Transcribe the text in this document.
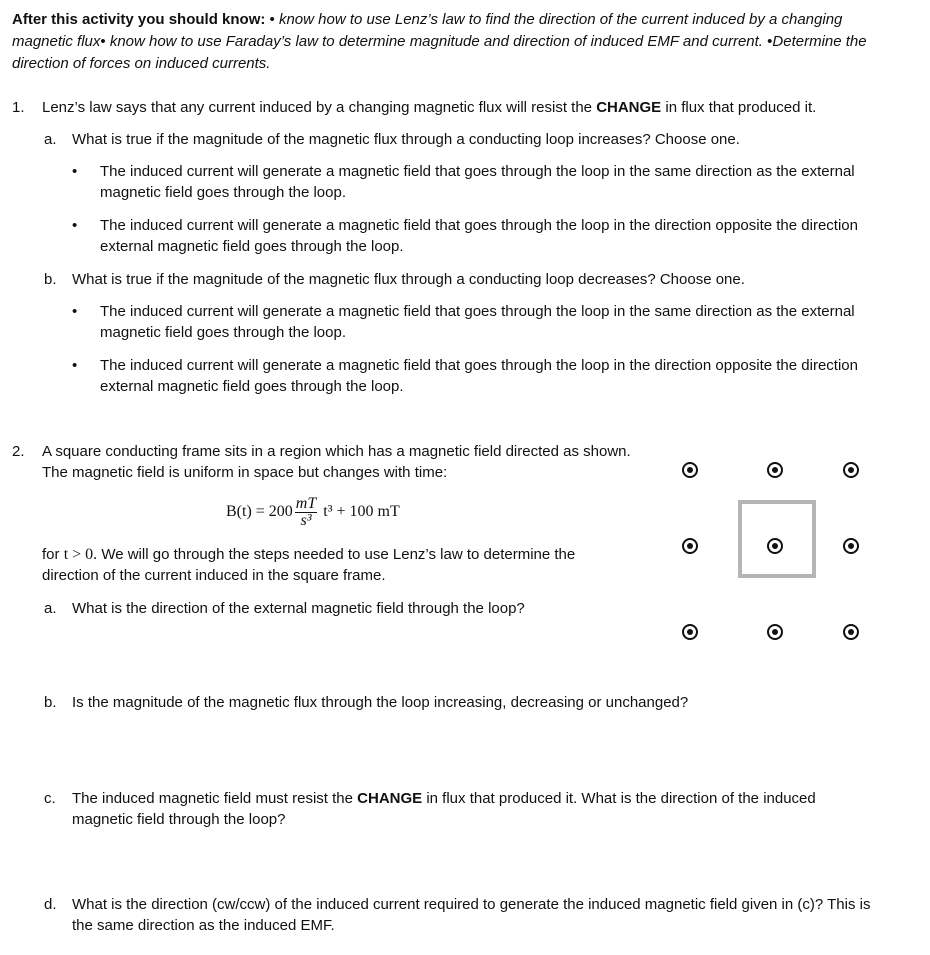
After this activity you should know: • know how to use Lenz’s law to find the direction of the current induced by a changing magnetic flux• know how to use Faraday’s law to determine magnitude and direction of induced EMF and current. •Determine the direction of forces on induced currents.
1. Lenz’s law says that any current induced by a changing magnetic flux will resist the CHANGE in flux that produced it.
a. What is true if the magnitude of the magnetic flux through a conducting loop increases? Choose one.
• The induced current will generate a magnetic field that goes through the loop in the same direction as the external magnetic field goes through the loop.
• The induced current will generate a magnetic field that goes through the loop in the direction opposite the direction external magnetic field goes through the loop.
b. What is true if the magnitude of the magnetic flux through a conducting loop decreases? Choose one.
• The induced current will generate a magnetic field that goes through the loop in the same direction as the external magnetic field goes through the loop.
• The induced current will generate a magnetic field that goes through the loop in the direction opposite the direction external magnetic field goes through the loop.
2. A square conducting frame sits in a region which has a magnetic field directed as shown. The magnetic field is uniform in space but changes with time:
$B(t) = 200 \frac{mT}{\text{s³}} t^3 + 100$ mT
for t > 0. We will go through the steps needed to use Lenz’s law to determine the direction of the current induced in the square frame.
a. What is the direction of the external magnetic field through the loop?
b. Is the magnitude of the magnetic flux through the loop increasing, decreasing or unchanged?
c. The induced magnetic field must resist the CHANGE in flux that produced it. What is the direction of the induced magnetic field through the loop?
d. What is the direction (cw/ccw) of the induced current required to generate the induced magnetic field given in (c)? This is the same direction as the induced EMF.
